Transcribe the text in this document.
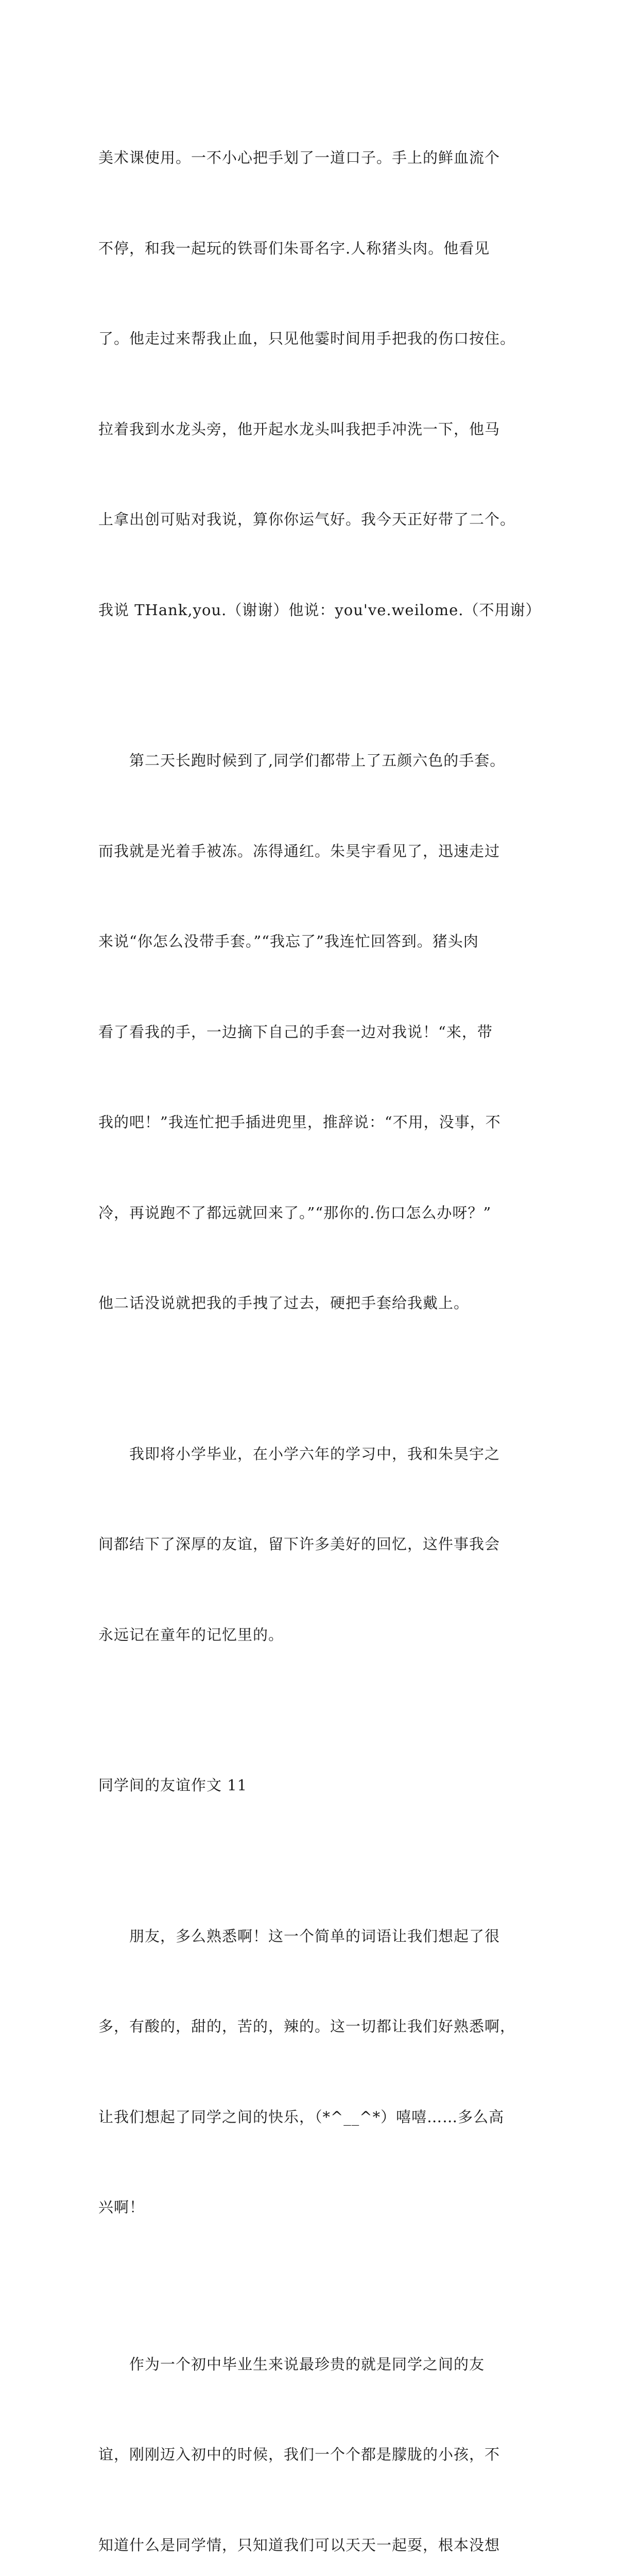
美术课使用。一不小心把手划了一道口子。手上的鲜血流个

不停，和我一起玩的铁哥们朱哥名字.人称猪头肉。他看见

了。他走过来帮我止血，只见他霎时间用手把我的伤口按住。

拉着我到水龙头旁，他开起水龙头叫我把手冲洗一下，他马

上拿出创可贴对我说，算你你运气好。我今天正好带了二个。

我说 THank,you.（谢谢）他说：you've.weilome.（不用谢）

　　第二天长跑时候到了,同学们都带上了五颜六色的手套。

而我就是光着手被冻。冻得通红。朱昊宇看见了，迅速走过

来说“你怎么没带手套。”“我忘了”我连忙回答到。猪头肉

看了看我的手，一边摘下自己的手套一边对我说！“来，带

我的吧！”我连忙把手插进兜里，推辞说：“不用，没事，不

冷，再说跑不了都远就回来了。”“那你的.伤口怎么办呀？”

他二话没说就把我的手拽了过去，硬把手套给我戴上。

　　我即将小学毕业，在小学六年的学习中，我和朱昊宇之

间都结下了深厚的友谊，留下许多美好的回忆，这件事我会

永远记在童年的记忆里的。

同学间的友谊作文 11

　　朋友，多么熟悉啊！这一个简单的词语让我们想起了很

多，有酸的，甜的，苦的，辣的。这一切都让我们好熟悉啊，

让我们想起了同学之间的快乐，（*^__^*）嘻嘻……多么高

兴啊！

　　作为一个初中毕业生来说最珍贵的就是同学之间的友

谊，刚刚迈入初中的时候，我们一个个都是朦胧的小孩，不

知道什么是同学情，只知道我们可以天天一起耍，根本没想
